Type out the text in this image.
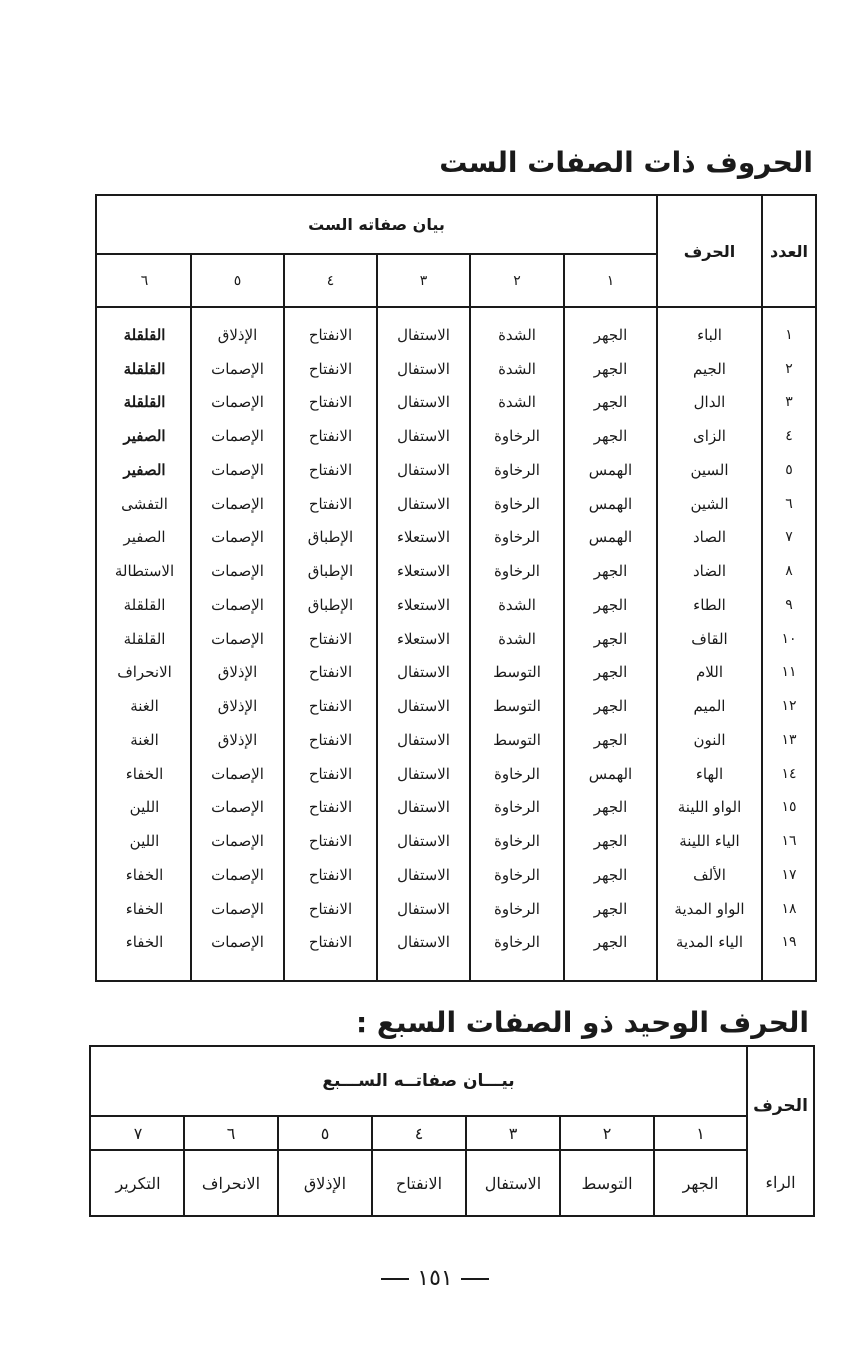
الحروف ذات الصفات الست
العدد
الحرف
بيان صفاته الست
١
٢
٣
٤
٥
٦
١
الباء
الجهر
الشدة
الاستفال
الانفتاح
الإذلاق
القلقلة
٢
الجيم
الجهر
الشدة
الاستفال
الانفتاح
الإصمات
القلقلة
٣
الدال
الجهر
الشدة
الاستفال
الانفتاح
الإصمات
القلقلة
٤
الزاى
الجهر
الرخاوة
الاستفال
الانفتاح
الإصمات
الصفير
٥
السين
الهمس
الرخاوة
الاستفال
الانفتاح
الإصمات
الصفير
٦
الشين
الهمس
الرخاوة
الاستفال
الانفتاح
الإصمات
التفشى
٧
الصاد
الهمس
الرخاوة
الاستعلاء
الإطباق
الإصمات
الصفير
٨
الضاد
الجهر
الرخاوة
الاستعلاء
الإطباق
الإصمات
الاستطالة
٩
الطاء
الجهر
الشدة
الاستعلاء
الإطباق
الإصمات
القلقلة
١٠
القاف
الجهر
الشدة
الاستعلاء
الانفتاح
الإصمات
القلقلة
١١
اللام
الجهر
التوسط
الاستفال
الانفتاح
الإذلاق
الانحراف
١٢
الميم
الجهر
التوسط
الاستفال
الانفتاح
الإذلاق
الغنة
١٣
النون
الجهر
التوسط
الاستفال
الانفتاح
الإذلاق
الغنة
١٤
الهاء
الهمس
الرخاوة
الاستفال
الانفتاح
الإصمات
الخفاء
١٥
الواو اللينة
الجهر
الرخاوة
الاستفال
الانفتاح
الإصمات
اللين
١٦
الياء اللينة
الجهر
الرخاوة
الاستفال
الانفتاح
الإصمات
اللين
١٧
الألف
الجهر
الرخاوة
الاستفال
الانفتاح
الإصمات
الخفاء
١٨
الواو المدية
الجهر
الرخاوة
الاستفال
الانفتاح
الإصمات
الخفاء
١٩
الياء المدية
الجهر
الرخاوة
الاستفال
الانفتاح
الإصمات
الخفاء
الحرف الوحيد ذو الصفات السبع :
بيـــان صفاتــه الســـبع
الحرف
الراء
١
الجهر
٢
التوسط
٣
الاستفال
٤
الانفتاح
٥
الإذلاق
٦
الانحراف
٧
التكرير
١٥١
